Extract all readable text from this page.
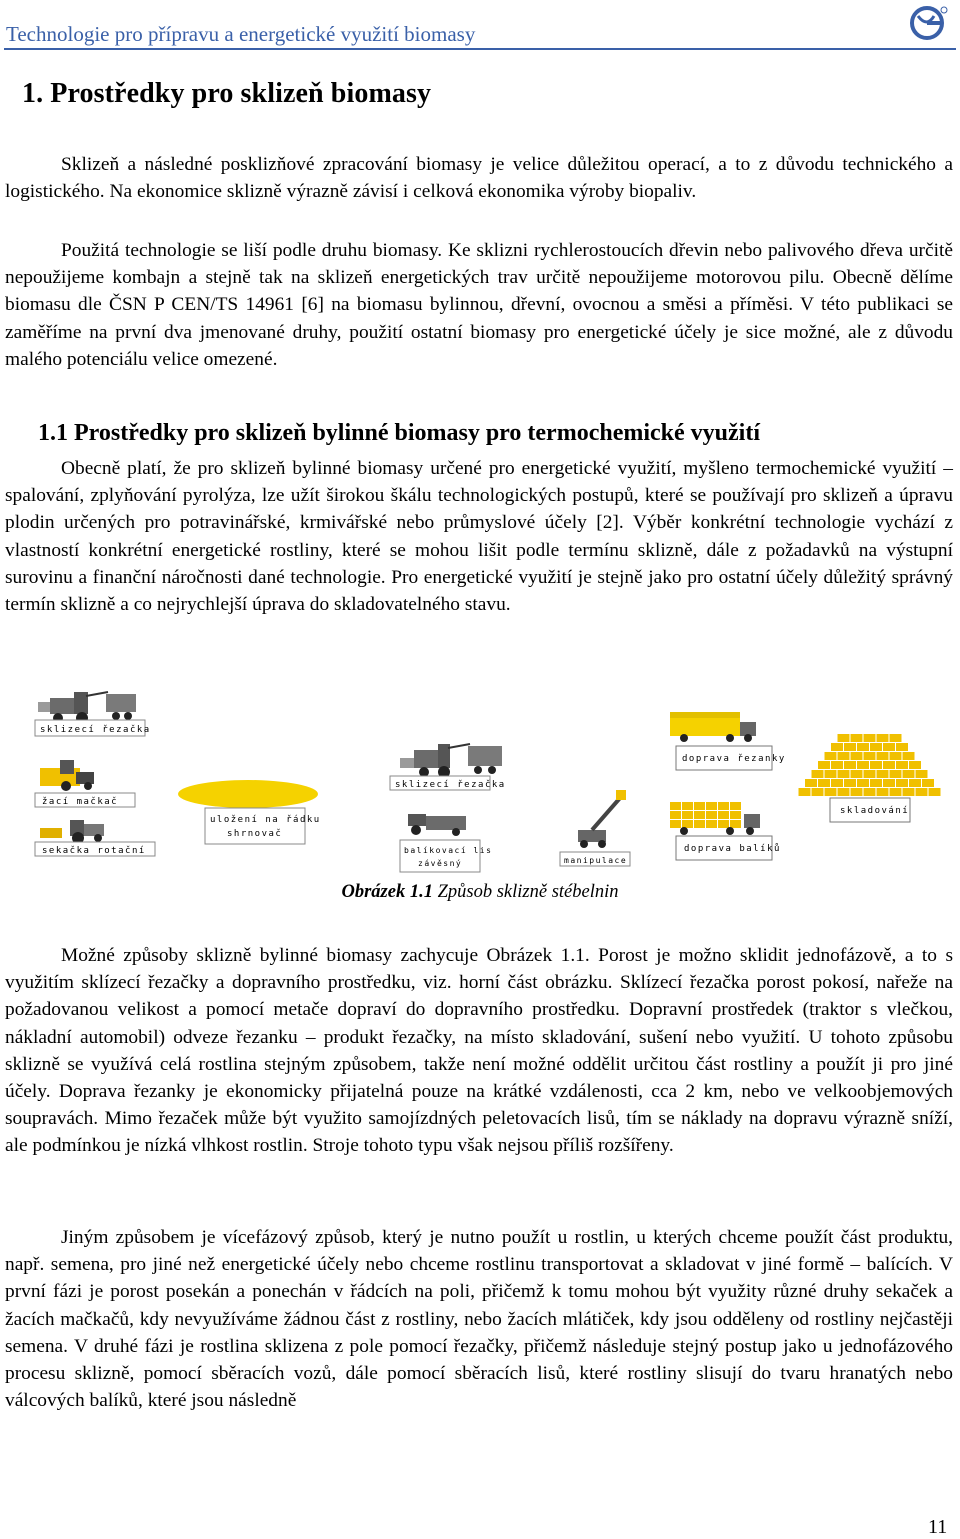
Technologie pro přípravu a energetické využití biomasy
1. Prostředky pro sklizeň biomasy

Sklizeň a následné posklizňové zpracování biomasy je velice důležitou operací, a to z důvodu technického a logistického. Na ekonomice sklizně výrazně závisí i celková ekonomika výroby biopaliv.

Použitá technologie se liší podle druhu biomasy. Ke sklizni rychlerostoucích dřevin nebo palivového dřeva určitě nepoužijeme kombajn a stejně tak na sklizeň energetických trav určitě nepoužijeme motorovou pilu. Obecně dělíme biomasu dle ČSN P CEN/TS 14961 [6] na biomasu bylinnou, dřevní, ovocnou a směsi a příměsi. V této publikaci se zaměříme na první dva jmenované druhy, použití ostatní biomasy pro energetické účely je sice možné, ale z důvodu malého potenciálu velice omezené.

1.1 Prostředky pro sklizeň bylinné biomasy pro termochemické využití

Obecně platí, že pro sklizeň bylinné biomasy určené pro energetické využití, myšleno termochemické využití – spalování, zplyňování pyrolýza, lze užít širokou škálu technologických postupů, které se používají pro sklizeň a úpravu plodin určených pro potravinářské, krmivářské nebo průmyslové účely [2]. Výběr konkrétní technologie vychází z vlastností konkrétní energetické rostliny, které se mohou lišit podle termínu sklizně, dále z požadavků na výstupní surovinu a finanční náročnosti dané technologie. Pro energetické využití je stejně jako pro ostatní účely důležitý správný termín sklizně a co nejrychlejší úprava do skladovatelného stavu.

sklizecí řezačka
žací mačkač
sekačka rotační
uložení na řádku
shrnovač
sklizecí řezačka
balíkovací lis
závěsný	manipulace
doprava řezanky
skladování
doprava balíků
Obrázek 1.1 Způsob sklizně stébelnin

Možné způsoby sklizně bylinné biomasy zachycuje Obrázek 1.1. Porost je možno sklidit jednofázově, a to s využitím sklízecí řezačky a dopravního prostředku, viz. horní část obrázku. Sklízecí řezačka porost pokosí, nařeže na požadovanou velikost a pomocí metače dopraví do dopravního prostředku. Dopravní prostředek (traktor s vlečkou, nákladní automobil) odveze řezanku – produkt řezačky, na místo skladování, sušení nebo využití. U tohoto způsobu sklizně se využívá celá rostlina stejným způsobem, takže není možné oddělit určitou část rostliny a použít ji pro jiné účely. Doprava řezanky je ekonomicky přijatelná pouze na krátké vzdálenosti, cca 2 km, nebo ve velkoobjemových soupravách. Mimo řezaček může být využito samojízdných peletovacích lisů, tím se náklady na dopravu výrazně sníží, ale podmínkou je nízká vlhkost rostlin. Stroje tohoto typu však nejsou příliš rozšířeny.

Jiným způsobem je vícefázový způsob, který je nutno použít u rostlin, u kterých chceme použít část produktu, např. semena, pro jiné než energetické účely nebo chceme rostlinu transportovat a skladovat v jiné formě – balících. V první fázi je porost posekán a ponechán v řádcích na poli, přičemž k tomu mohou být využity různé druhy sekaček a žacích mačkačů, kdy nevyužíváme žádnou část z rostliny, nebo žacích mlátiček, kdy jsou odděleny od rostliny nejčastěji semena. V druhé fázi je rostlina sklizena z pole pomocí řezačky, přičemž následuje stejný postup jako u jednofázového procesu sklizně, pomocí sběracích vozů, dále pomocí sběracích lisů, které rostliny slisují do tvaru hranatých nebo válcových balíků, které jsou následně

11
